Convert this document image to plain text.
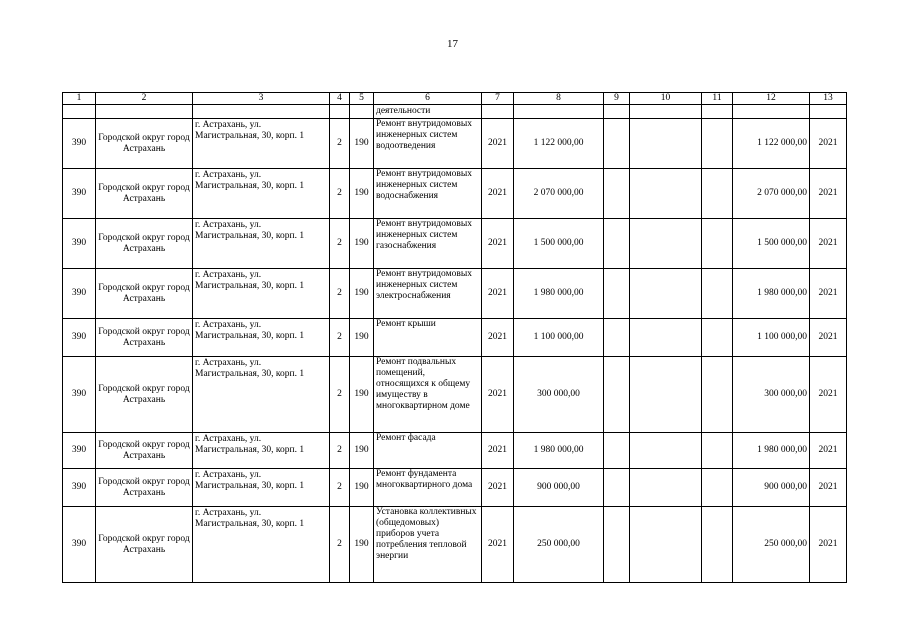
17
1	2	3	4	5	6	7	8	9	10	11	12	13
					деятельности							
390	Городской округ город Астрахань	г. Астрахань, ул. Магистральная, 30, корп. 1	2	190	Ремонт внутридомовых инженерных систем водоотведения	2021	1 122 000,00				1 122 000,00	2021
390	Городской округ город Астрахань	г. Астрахань, ул. Магистральная, 30, корп. 1	2	190	Ремонт внутридомовых инженерных систем водоснабжения	2021	2 070 000,00				2 070 000,00	2021
390	Городской округ город Астрахань	г. Астрахань, ул. Магистральная, 30, корп. 1	2	190	Ремонт внутридомовых инженерных систем газоснабжения	2021	1 500 000,00				1 500 000,00	2021
390	Городской округ город Астрахань	г. Астрахань, ул. Магистральная, 30, корп. 1	2	190	Ремонт внутридомовых инженерных систем электроснабжения	2021	1 980 000,00				1 980 000,00	2021
390	Городской округ город Астрахань	г. Астрахань, ул. Магистральная, 30, корп. 1	2	190	Ремонт крыши	2021	1 100 000,00				1 100 000,00	2021
390	Городской округ город Астрахань	г. Астрахань, ул. Магистральная, 30, корп. 1	2	190	Ремонт подвальных помещений, относящихся к общему имуществу в многоквартирном доме	2021	300 000,00				300 000,00	2021
390	Городской округ город Астрахань	г. Астрахань, ул. Магистральная, 30, корп. 1	2	190	Ремонт фасада	2021	1 980 000,00				1 980 000,00	2021
390	Городской округ город Астрахань	г. Астрахань, ул. Магистральная, 30, корп. 1	2	190	Ремонт фундамента многоквартирного дома	2021	900 000,00				900 000,00	2021
390	Городской округ город Астрахань	г. Астрахань, ул. Магистральная, 30, корп. 1	2	190	Установка коллективных (общедомовых) приборов учета потребления тепловой энергии	2021	250 000,00				250 000,00	2021
